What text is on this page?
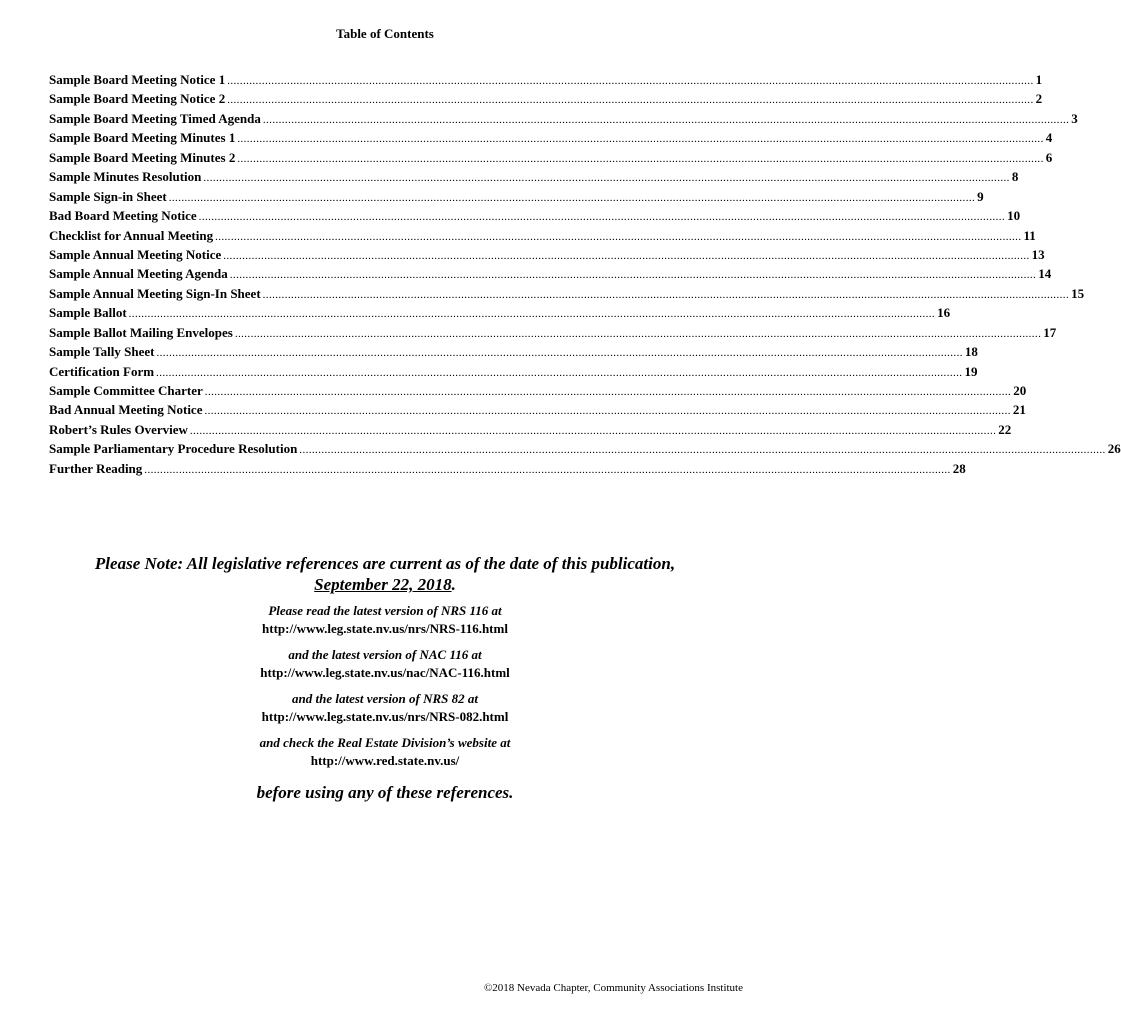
Table of Contents
Sample Board Meeting Notice 1 ................................................................................................................................................................................................................................................................ 1
Sample Board Meeting Notice 2 ................................................................................................................................................................................................................................................................ 2
Sample Board Meeting Timed Agenda ................................................................................................................................................................................................................................................................ 3
Sample Board Meeting Minutes 1 ................................................................................................................................................................................................................................................................ 4
Sample Board Meeting Minutes 2 ................................................................................................................................................................................................................................................................ 6
Sample Minutes Resolution ................................................................................................................................................................................................................................................................ 8
Sample Sign-in Sheet ................................................................................................................................................................................................................................................................ 9
Bad Board Meeting Notice ................................................................................................................................................................................................................................................................ 10
Checklist for Annual Meeting ................................................................................................................................................................................................................................................................ 11
Sample Annual Meeting Notice ................................................................................................................................................................................................................................................................ 13
Sample Annual Meeting Agenda ................................................................................................................................................................................................................................................................ 14
Sample Annual Meeting Sign-In Sheet ................................................................................................................................................................................................................................................................ 15
Sample Ballot ................................................................................................................................................................................................................................................................ 16
Sample Ballot Mailing Envelopes ................................................................................................................................................................................................................................................................ 17
Sample Tally Sheet ................................................................................................................................................................................................................................................................ 18
Certification Form ................................................................................................................................................................................................................................................................ 19
Sample Committee Charter ................................................................................................................................................................................................................................................................ 20
Bad Annual Meeting Notice ................................................................................................................................................................................................................................................................ 21
Robert’s Rules Overview ................................................................................................................................................................................................................................................................ 22
Sample Parliamentary Procedure Resolution ................................................................................................................................................................................................................................................................ 26
Further Reading ................................................................................................................................................................................................................................................................ 28
Please Note: All legislative references are current as of the date of this publication,
September 22, 2018.
Please read the latest version of NRS 116 at
http://www.leg.state.nv.us/nrs/NRS-116.html
and the latest version of NAC 116 at
http://www.leg.state.nv.us/nac/NAC-116.html
and the latest version of NRS 82 at
http://www.leg.state.nv.us/nrs/NRS-082.html
and check the Real Estate Division’s website at
http://www.red.state.nv.us/
before using any of these references.
©2018 Nevada Chapter, Community Associations Institute
